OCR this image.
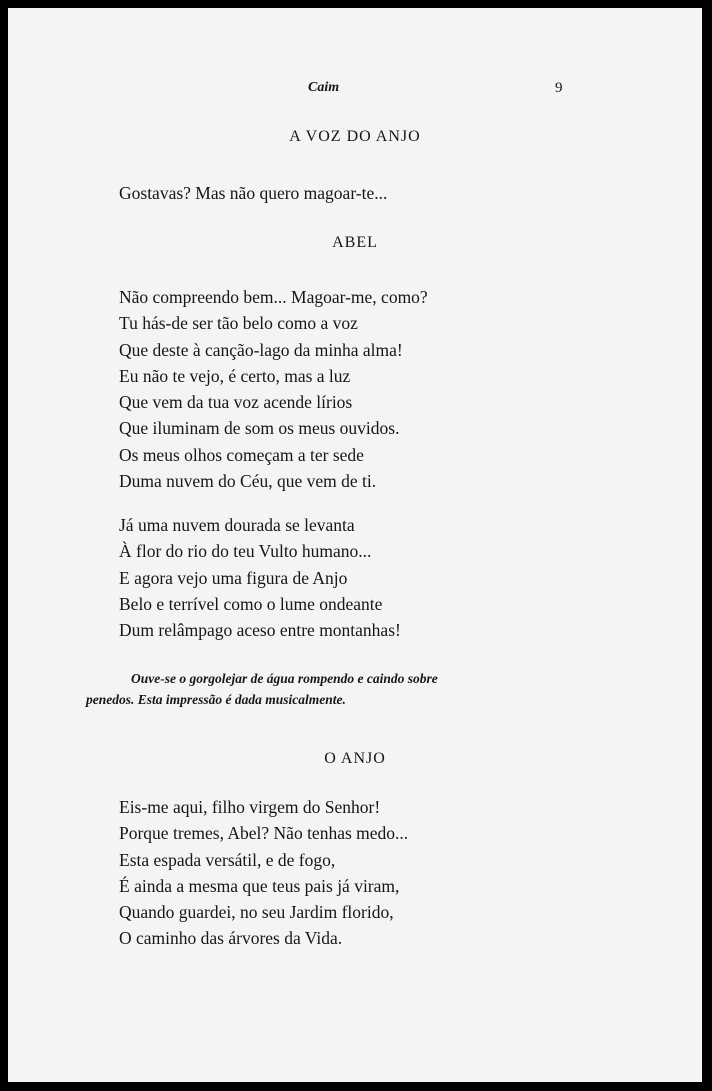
Caim	9
A VOZ DO ANJO
Gostavas? Mas não quero magoar-te...
ABEL
Não compreendo bem... Magoar-me, como?
Tu hás-de ser tão belo como a voz
Que deste à canção-lago da minha alma!
Eu não te vejo, é certo, mas a luz
Que vem da tua voz acende lírios
Que iluminam de som os meus ouvidos.
Os meus olhos começam a ter sede
Duma nuvem do Céu, que vem de ti.
Já uma nuvem dourada se levanta
À flor do rio do teu Vulto humano...
E agora vejo uma figura de Anjo
Belo e terrível como o lume ondeante
Dum relâmpago aceso entre montanhas!
Ouve-se o gorgolejar de água rompendo e caindo sobre
penedos. Esta impressão é dada musicalmente.
O ANJO
Eis-me aqui, filho virgem do Senhor!
Porque tremes, Abel? Não tenhas medo...
Esta espada versátil, e de fogo,
É ainda a mesma que teus pais já viram,
Quando guardei, no seu Jardim florido,
O caminho das árvores da Vida.
